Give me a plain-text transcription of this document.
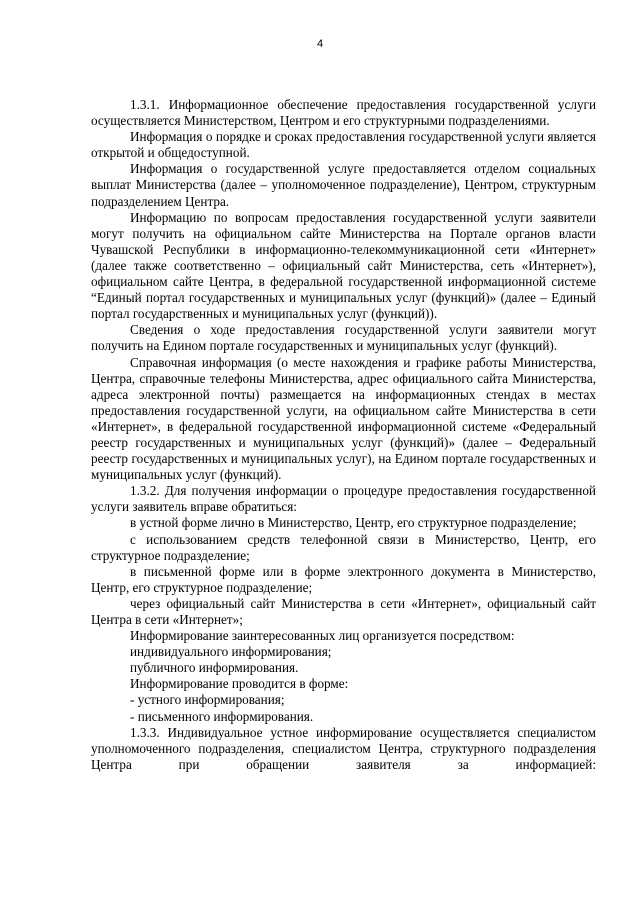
4

1.3.1. Информационное обеспечение предоставления государственной услуги осуществляется Министерством, Центром и его структурными подразделениями.

Информация о порядке и сроках предоставления государственной услуги является открытой и общедоступной.

Информация о государственной услуге предоставляется отделом социальных выплат Министерства (далее – уполномоченное подразделение), Центром, структурным подразделением Центра.

Информацию по вопросам предоставления государственной услуги заявители могут получить на официальном сайте Министерства на Портале органов власти Чувашской Республики в информационно-телекоммуникационной сети «Интернет» (далее также соответственно – официальный сайт Министерства, сеть «Интернет»), официальном сайте Центра, в федеральной государственной информационной системе “Единый портал государственных и муниципальных услуг (функций)» (далее – Единый портал государственных и муниципальных услуг (функций)).

Сведения о ходе предоставления государственной услуги заявители могут получить на Едином портале государственных и муниципальных услуг (функций).

Справочная информация (о месте нахождения и графике работы Министерства, Центра, справочные телефоны Министерства, адрес официального сайта Министерства, адреса электронной почты) размещается на информационных стендах в местах предоставления государственной услуги, на официальном сайте Министерства в сети «Интернет», в федеральной государственной информационной системе «Федеральный реестр государственных и муниципальных услуг (функций)» (далее – Федеральный реестр государственных и муниципальных услуг), на Едином портале государственных и муниципальных услуг (функций).

1.3.2. Для получения информации о процедуре предоставления государственной услуги заявитель вправе обратиться:

в устной форме лично в Министерство, Центр, его структурное подразделение;

с использованием средств телефонной связи в Министерство, Центр, его структурное подразделение;

в письменной форме или в форме электронного документа в Министерство, Центр, его структурное подразделение;

через официальный сайт Министерства в сети «Интернет», официальный сайт Центра в сети «Интернет»;

Информирование заинтересованных лиц организуется посредством:

индивидуального информирования;

публичного информирования.

Информирование проводится в форме:

- устного информирования;

- письменного информирования.

1.3.3. Индивидуальное устное информирование осуществляется специалистом уполномоченного подразделения, специалистом Центра, структурного подразделения Центра при обращении заявителя за информацией:
